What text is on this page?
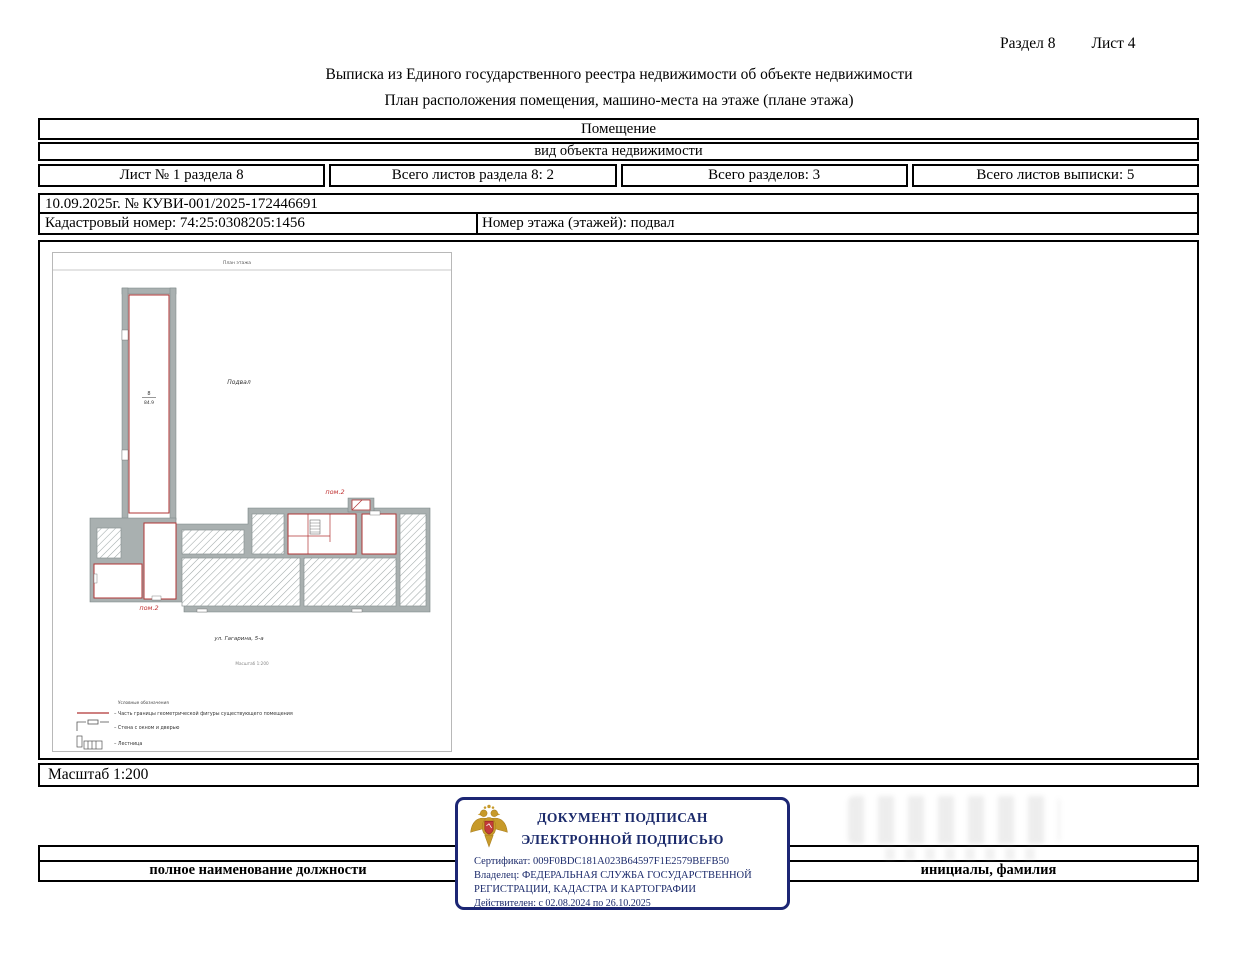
Раздел 8 Лист 4
Выписка из Единого государственного реестра недвижимости об объекте недвижимости
План расположения помещения, машино-места на этаже (плане этажа)
Помещение
вид объекта недвижимости
Лист № 1 раздела 8	Всего листов раздела 8: 2	Всего разделов: 3	Всего листов выписки: 5
10.09.2025г. № КУВИ-001/2025-172446691
Кадастровый номер: 74:25:0308205:1456	Номер этажа (этажей): подвал
План этажа
8
84.9
пом.2
пом.2
Подвал
ул. Гагарина, 5-а
Масштаб 1:200
Условные обозначения
– Часть границы геометрической фигуры существующего помещения
– Стена с окном и дверью
– Лестница
Масштаб 1:200
полное наименование должности	инициалы, фамилия
ДОКУМЕНТ ПОДПИСАН
ЭЛЕКТРОННОЙ ПОДПИСЬЮ
Сертификат: 009F0BDC181A023B64597F1E2579BEFB50
Владелец: ФЕДЕРАЛЬНАЯ СЛУЖБА ГОСУДАРСТВЕННОЙ
РЕГИСТРАЦИИ, КАДАСТРА И КАРТОГРАФИИ
Действителен: с 02.08.2024 по 26.10.2025
